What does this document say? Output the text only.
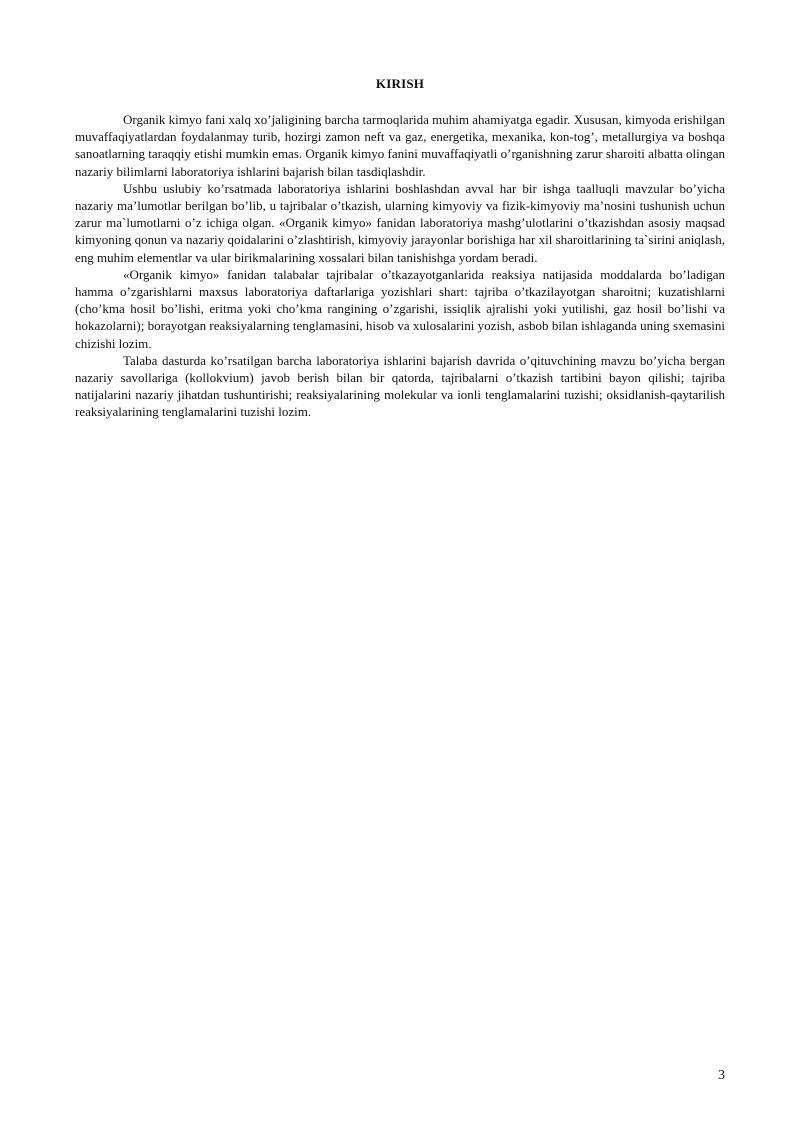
KIRISH

Organik kimyo fani xalq xo’jaligining barcha tarmoqlarida muhim ahamiyatga egadir. Xususan, kimyoda erishilgan muvaffaqiyatlardan foydalanmay turib, hozirgi zamon neft va gaz, energetika, mexanika, kon-tog’, metallurgiya va boshqa sanoatlarning taraqqiy etishi mumkin emas. Organik kimyo fanini muvaffaqiyatli o’rganishning zarur sharoiti albatta olingan nazariy bilimlarni laboratoriya ishlarini bajarish bilan tasdiqlashdir.

Ushbu uslubiy ko’rsatmada laboratoriya ishlarini boshlashdan avval har bir ishga taalluqli mavzular bo’yicha nazariy ma’lumotlar berilgan bo’lib, u tajribalar o’tkazish, ularning kimyoviy va fizik-kimyoviy ma’nosini tushunish uchun zarur ma`lumotlarni o’z ichiga olgan. «Organik kimyo» fanidan laboratoriya mashg’ulotlarini o’tkazishdan asosiy maqsad kimyoning qonun va nazariy qoidalarini o’zlashtirish, kimyoviy jarayonlar borishiga har xil sharoitlarining ta`sirini aniqlash, eng muhim elementlar va ular birikmalarining xossalari bilan tanishishga yordam beradi.

«Organik kimyo» fanidan talabalar tajribalar o’tkazayotganlarida reaksiya natijasida moddalarda bo’ladigan hamma o’zgarishlarni maxsus laboratoriya daftarlariga yozishlari shart: tajriba o’tkazilayotgan sharoitni; kuzatishlarni (cho’kma hosil bo’lishi, eritma yoki cho’kma rangining o’zgarishi, issiqlik ajralishi yoki yutilishi, gaz hosil bo’lishi va hokazolarni); borayotgan reaksiyalarning tenglamasini, hisob va xulosalarini yozish, asbob bilan ishlaganda uning sxemasini chizishi lozim.

Talaba dasturda ko’rsatilgan barcha laboratoriya ishlarini bajarish davrida o’qituvchining mavzu bo’yicha bergan nazariy savollariga (kollokvium) javob berish bilan bir qatorda, tajribalarni o’tkazish tartibini bayon qilishi; tajriba natijalarini nazariy jihatdan tushuntirishi; reaksiyalarining molekular va ionli tenglamalarini tuzishi; oksidlanish-qaytarilish reaksiyalarining tenglamalarini tuzishi lozim.

3
